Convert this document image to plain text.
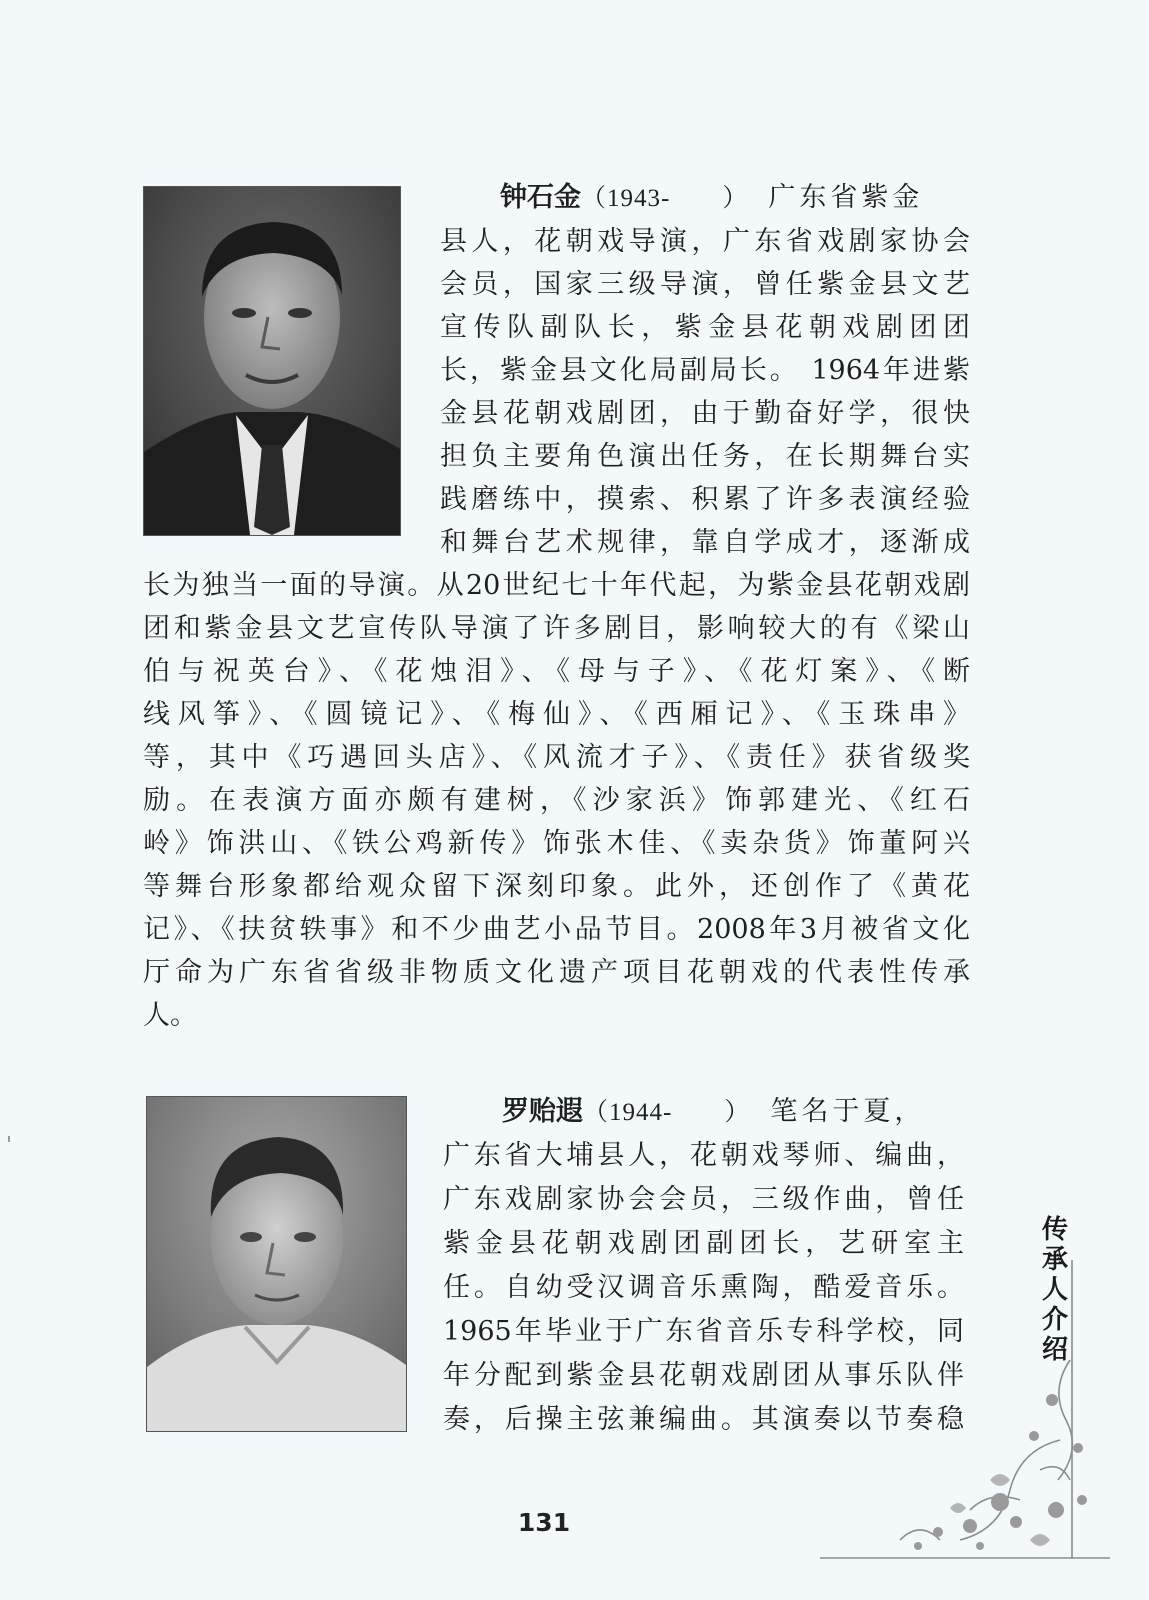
钟石金（1943-　　） 广东省紫金
县人，花朝戏导演，广东省戏剧家协会
会员，国家三级导演，曾任紫金县文艺
宣传队副队长，紫金县花朝戏剧团团
长，紫金县文化局副局长。 1964年进紫
金县花朝戏剧团，由于勤奋好学，很快
担负主要角色演出任务，在长期舞台实
践磨练中，摸索、积累了许多表演经验
和舞台艺术规律，靠自学成才，逐渐成
长为独当一面的导演。从20世纪七十年代起，为紫金县花朝戏剧
团和紫金县文艺宣传队导演了许多剧目，影响较大的有《梁山
伯与祝英台》、《花烛泪》、《母与子》、《花灯案》、《断
线风筝》、《圆镜记》、《梅仙》、《西厢记》、《玉珠串》
等，其中《巧遇回头店》、《风流才子》、《责任》获省级奖
励。在表演方面亦颇有建树，《沙家浜》饰郭建光、《红石
岭》饰洪山、《铁公鸡新传》饰张木佳、《卖杂货》饰董阿兴
等舞台形象都给观众留下深刻印象。此外，还创作了《黄花
记》、《扶贫轶事》和不少曲艺小品节目。2008年3月被省文化
厅命为广东省省级非物质文化遗产项目花朝戏的代表性传承
人。
罗贻遐（1944-　　） 笔名于夏，
广东省大埔县人，花朝戏琴师、编曲，
广东戏剧家协会会员，三级作曲，曾任
紫金县花朝戏剧团副团长，艺研室主
任。自幼受汉调音乐熏陶，酷爱音乐。
1965年毕业于广东省音乐专科学校，同
年分配到紫金县花朝戏剧团从事乐队伴
奏，后操主弦兼编曲。其演奏以节奏稳
传
承
人
介
绍
131
